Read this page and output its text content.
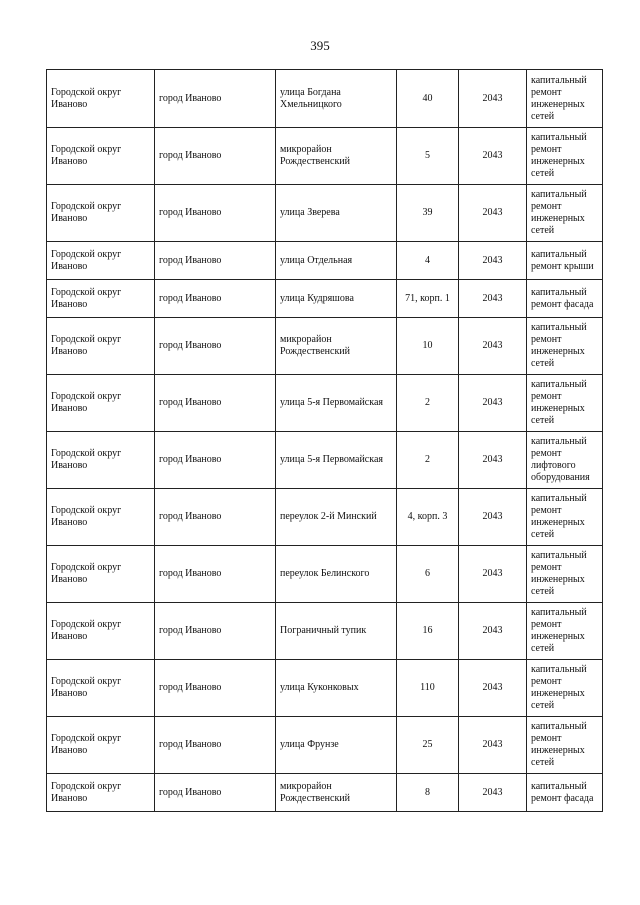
395
Городской округ Иваново	город Иваново	улица Богдана Хмельницкого	40	2043	капитальный ремонт инженерных сетей
Городской округ Иваново	город Иваново	микрорайон Рождественский	5	2043	капитальный ремонт инженерных сетей
Городской округ Иваново	город Иваново	улица Зверева	39	2043	капитальный ремонт инженерных сетей
Городской округ Иваново	город Иваново	улица Отдельная	4	2043	капитальный ремонт крыши
Городской округ Иваново	город Иваново	улица Кудряшова	71, корп. 1	2043	капитальный ремонт фасада
Городской округ Иваново	город Иваново	микрорайон Рождественский	10	2043	капитальный ремонт инженерных сетей
Городской округ Иваново	город Иваново	улица 5-я Первомайская	2	2043	капитальный ремонт инженерных сетей
Городской округ Иваново	город Иваново	улица 5-я Первомайская	2	2043	капитальный ремонт лифтового оборудования
Городской округ Иваново	город Иваново	переулок 2-й Минский	4, корп. 3	2043	капитальный ремонт инженерных сетей
Городской округ Иваново	город Иваново	переулок Белинского	6	2043	капитальный ремонт инженерных сетей
Городской округ Иваново	город Иваново	Пограничный тупик	16	2043	капитальный ремонт инженерных сетей
Городской округ Иваново	город Иваново	улица Куконковых	110	2043	капитальный ремонт инженерных сетей
Городской округ Иваново	город Иваново	улица Фрунзе	25	2043	капитальный ремонт инженерных сетей
Городской округ Иваново	город Иваново	микрорайон Рождественский	8	2043	капитальный ремонт фасада
